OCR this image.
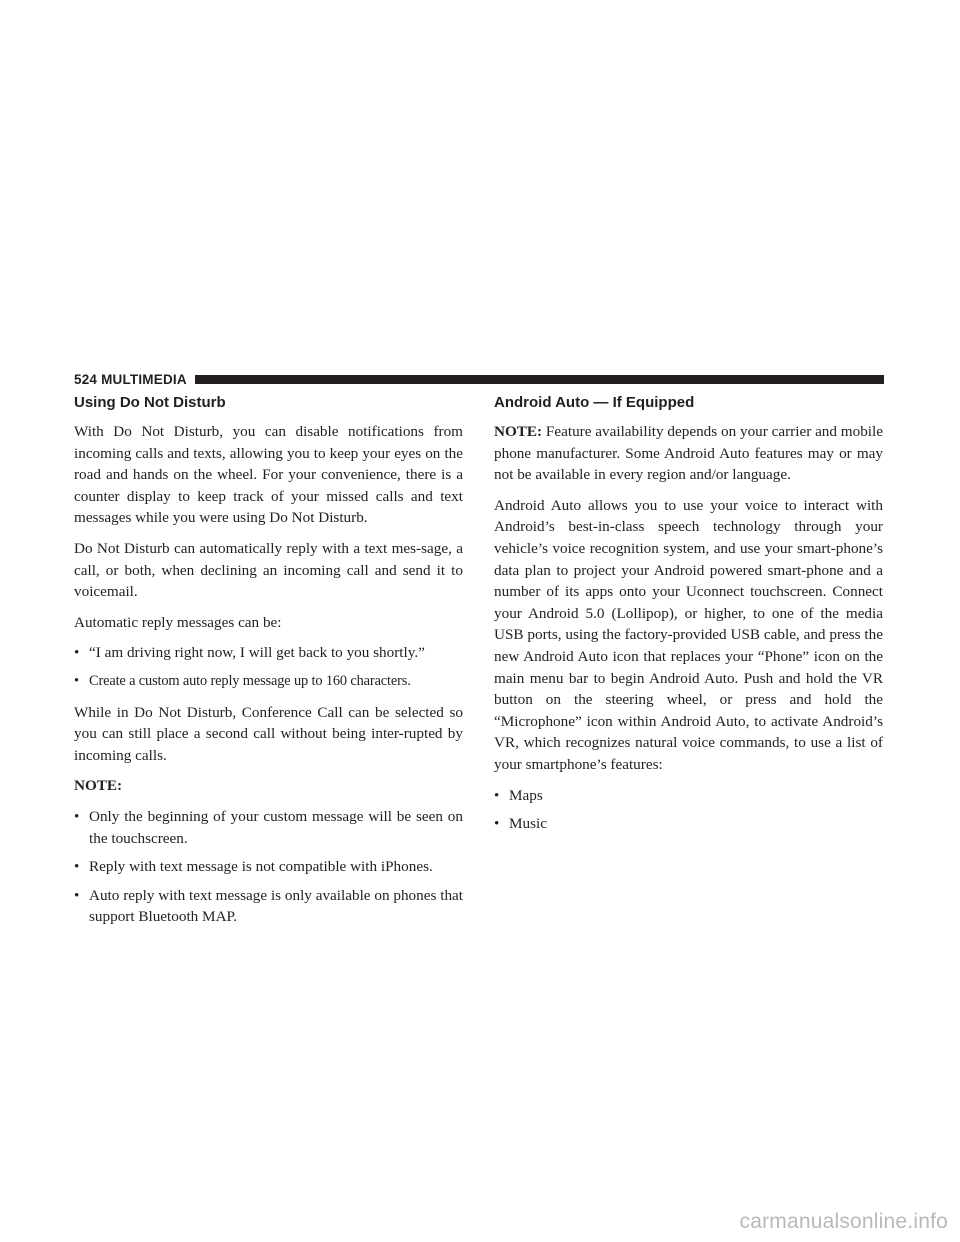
524 MULTIMEDIA
Using Do Not Disturb

With Do Not Disturb, you can disable notifications from incoming calls and texts, allowing you to keep your eyes on the road and hands on the wheel. For your convenience, there is a counter display to keep track of your missed calls and text messages while you were using Do Not Disturb.

Do Not Disturb can automatically reply with a text mes-sage, a call, or both, when declining an incoming call and send it to voicemail.

Automatic reply messages can be:

• “I am driving right now, I will get back to you shortly.”
• Create a custom auto reply message up to 160 characters.

While in Do Not Disturb, Conference Call can be selected so you can still place a second call without being inter-rupted by incoming calls.

NOTE:

• Only the beginning of your custom message will be seen on the touchscreen.
• Reply with text message is not compatible with iPhones.
• Auto reply with text message is only available on phones that support Bluetooth MAP.
Android Auto — If Equipped

NOTE: Feature availability depends on your carrier and mobile phone manufacturer. Some Android Auto features may or may not be available in every region and/or language.

Android Auto allows you to use your voice to interact with Android’s best-in-class speech technology through your vehicle’s voice recognition system, and use your smart-phone’s data plan to project your Android powered smart-phone and a number of its apps onto your Uconnect touchscreen. Connect your Android 5.0 (Lollipop), or higher, to one of the media USB ports, using the factory-provided USB cable, and press the new Android Auto icon that replaces your “Phone” icon on the main menu bar to begin Android Auto. Push and hold the VR button on the steering wheel, or press and hold the “Microphone” icon within Android Auto, to activate Android’s VR, which recognizes natural voice commands, to use a list of your smartphone’s features:

• Maps
• Music
carmanualsonline.info
